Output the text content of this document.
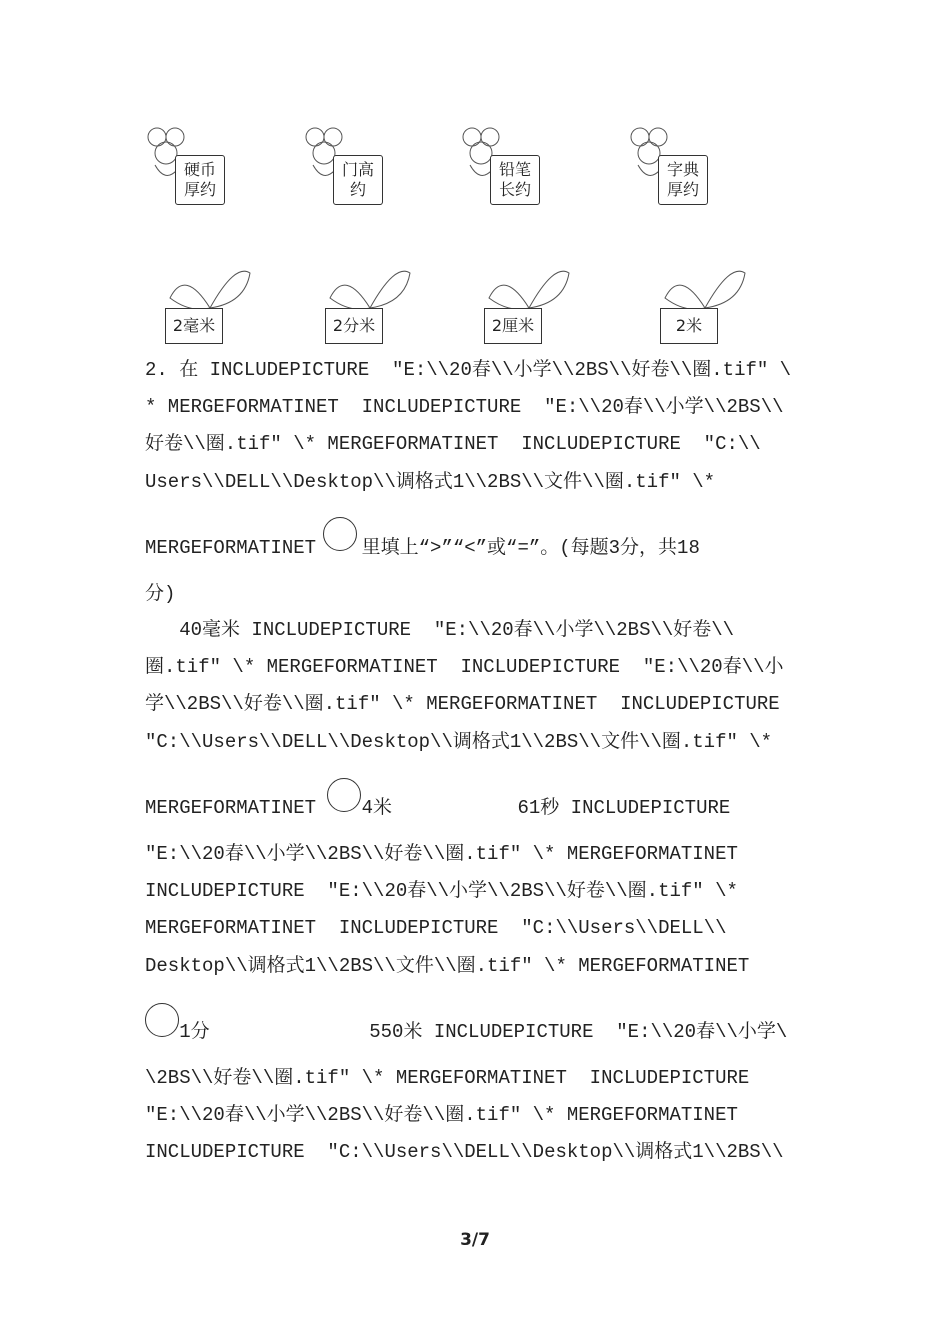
硬币
厚约
门高
约
铅笔
长约
字典
厚约
2毫米	2分米	2厘米	2米
2. 在 INCLUDEPICTURE  "E:\\20春\\小学\\2BS\\好卷\\圈.tif" \
* MERGEFORMATINET  INCLUDEPICTURE  "E:\\20春\\小学\\2BS\\
好卷\\圈.tif" \* MERGEFORMATINET  INCLUDEPICTURE  "C:\\
Users\\DELL\\Desktop\\调格式1\\2BS\\文件\\圈.tif" \*
MERGEFORMATINET    里填上“>”“<”或“=”。(每题3分，共18
分)
40毫米 INCLUDEPICTURE  "E:\\20春\\小学\\2BS\\好卷\\
圈.tif" \* MERGEFORMATINET  INCLUDEPICTURE  "E:\\20春\\小
学\\2BS\\好卷\\圈.tif" \* MERGEFORMATINET  INCLUDEPICTURE
"C:\\Users\\DELL\\Desktop\\调格式1\\2BS\\文件\\圈.tif" \*
MERGEFORMATINET    4米           61秒 INCLUDEPICTURE
"E:\\20春\\小学\\2BS\\好卷\\圈.tif" \* MERGEFORMATINET
INCLUDEPICTURE  "E:\\20春\\小学\\2BS\\好卷\\圈.tif" \*
MERGEFORMATINET  INCLUDEPICTURE  "C:\\Users\\DELL\\
Desktop\\调格式1\\2BS\\文件\\圈.tif" \* MERGEFORMATINET
1分              550米 INCLUDEPICTURE  "E:\\20春\\小学\
\2BS\\好卷\\圈.tif" \* MERGEFORMATINET  INCLUDEPICTURE
"E:\\20春\\小学\\2BS\\好卷\\圈.tif" \* MERGEFORMATINET
INCLUDEPICTURE  "C:\\Users\\DELL\\Desktop\\调格式1\\2BS\\
3/7
